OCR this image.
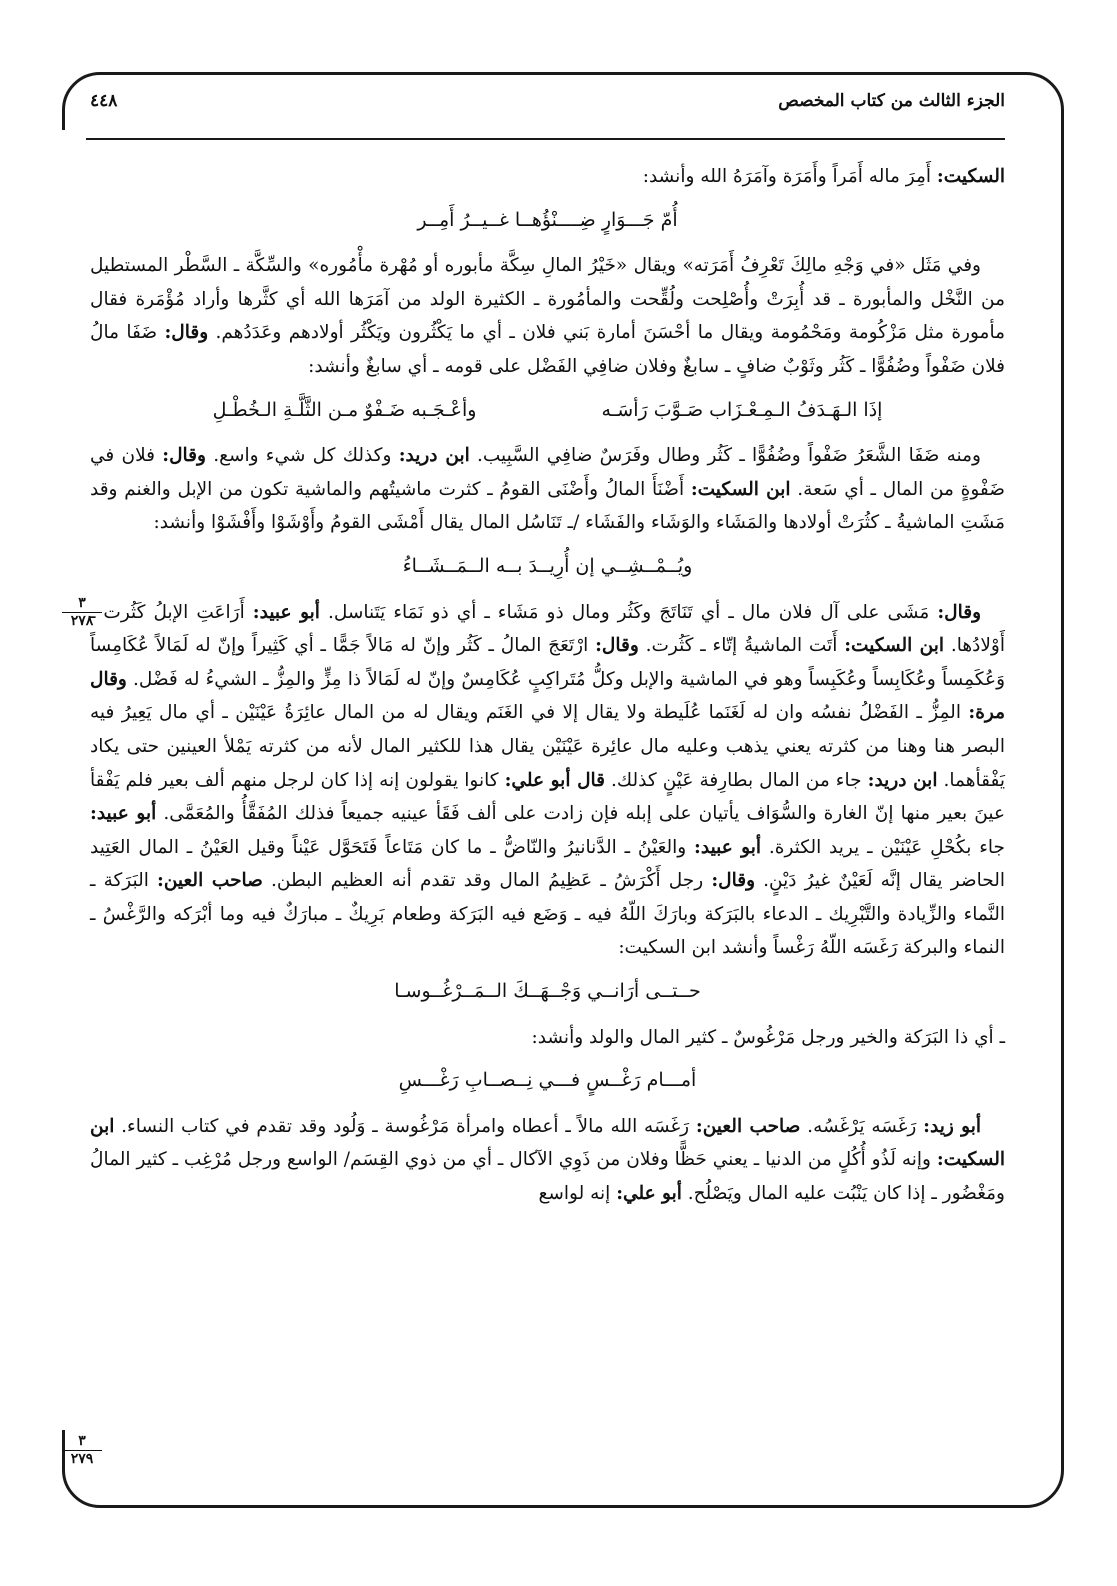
الجزء الثالث من كتاب المخصص
٤٤٨
٣
٢٧٨
٣
٢٧٩

السكيت: أَمِرَ ماله أَمَراً وأَمَرَة وآمَرَهُ الله وأنشد:

أُمّ جَـــوَارٍ ضِــــنْؤُهــا غــيــرُ أَمِــر

وفي مَثَل «في وَجْهِ مالِكَ تَعْرِفُ أَمَرَته» ويقال «خَيْرُ المالِ سِكَّة مأبوره أو مُهْرة مأْمُوره» والسِّكَّة ـ السَّطْر المستطيل من النَّخْل والمأبورة ـ قد أُبِرَتْ وأُصْلِحت ولُقِّحت والمأمُورة ـ الكثيرة الولد من آمَرَها الله أي كثَّرها وأراد مُؤْمَرة فقال مأمورة مثل مَزْكُومة ومَحْمُومة ويقال ما أحْسَنَ أمارة بَني فلان ـ أي ما يَكْثُرون ويَكْثُر أولادهم وعَدَدُهم. وقال: ضَفَا مالُ فلان ضَفْواً وضُفُوًّا ـ كَثُر وثَوْبٌ ضافٍ ـ سابغٌ وفلان ضافِي الفَضْل على قومه ـ أي سابغٌ وأنشد:

إذَا الـهَـدَفُ الـمِـعْـزَاب صَـوَّبَ رَأسَـه
وأعْـجَـبه ضَـفْوٌ مـن الثَّلَّـةِ الـخُطْـلِ

ومنه ضَفَا الشَّعَرُ ضَفْواً وضُفُوًّا ـ كَثُر وطال وفَرَسٌ ضافِي السَّبِيب. ابن دريد: وكذلك كل شيء واسع. وقال: فلان في ضَفْوةٍ من المال ـ أي سَعة. ابن السكيت: أَضْنَأَ المالُ وأَضْنَى القومُ ـ كثرت ماشيتُهم والماشية تكون من الإبل والغنم وقد مَشَتِ الماشيةُ ـ كثُرَتْ أولادها والمَشَاء والوَشَاء والفَشَاء /ـ تَنَاسُل المال يقال أَمْشَى القومُ وأَوْشَوْا وأَفْشَوْا وأنشد:

ويُــمْــشِــي إن أُرِيــدَ بــه الــمَــشَــاءُ

وقال: مَشَى على آل فلان مال ـ أي تَنَاتَجَ وكَثُر ومال ذو مَشَاء ـ أي ذو نَمَاء يَتَناسل. أبو عبيد: أَرَاعَتِ الإبلُ كَثُرت ـ أَوْلادُها. ابن السكيت: أَتَت الماشيةُ إتّاء ـ كَثُرت. وقال: ارْتَعَجَ المالُ ـ كَثُر وإنّ له مَالاً جَمًّا ـ أي كَثِيراً وإنّ له لَمَالاً عُكَامِساً وَعُكَمِساً وعُكَابِساً وعُكَبِساً وهو في الماشية والإبل وكلُّ مُتَراكِبٍ عُكَامِسٌ وإنّ له لَمَالاً ذا مِزٍّ والمِزُّ ـ الشيءُ له فَضْل. وقال مرة: المِزُّ ـ الفَضْلُ نفسُه وان له لَغَنَما عُلَيطة ولا يقال إلا في الغَنَم ويقال له من المال عائِرَةُ عَيْنَيْن ـ أي مال يَعِيرُ فيه البصر هنا وهنا من كثرته يعني يذهب وعليه مال عائِرة عَيْنَيْن يقال هذا للكثير المال لأنه من كثرته يَمْلأ العينين حتى يكاد يَفْقأهما. ابن دريد: جاء من المال بطارِفة عَيْنٍ كذلك. قال أبو علي: كانوا يقولون إنه إذا كان لرجل منهم ألف بعير فلم يَفْقأ عينَ بعير منها إنّ الغارة والسُّوَاف يأتيان على إبله فإن زادت على ألف فَقَأ عينيه جميعاً فذلك المُفَقَّأُ والمُعَمَّى. أبو عبيد: جاء بكُحْلِ عَيْنَيْن ـ يريد الكثرة. أبو عبيد: والعَيْنُ ـ الدَّنانيرُ والنّاضُّ ـ ما كان مَتَاعاً فَتَحَوَّل عَيْناً وقيل العَيْنُ ـ المال العَتِيد الحاضر يقال إنَّه لَعَيْنٌ غيرُ دَيْنٍ. وقال: رجل أَكْرَشُ ـ عَظِيمُ المال وقد تقدم أنه العظيم البطن. صاحب العين: البَرَكة ـ النَّماء والزِّيادة والتَّبْرِيك ـ الدعاء بالبَرَكة وبارَكَ اللّهُ فيه ـ وَضَع فيه البَرَكة وطعام بَرِيكٌ ـ مبارَكٌ فيه وما أبْرَكه والرَّغْسُ ـ النماء والبركة رَغَسَه اللّهُ رَغْساً وأنشد ابن السكيت:

حــتــى أرَانــي وَجْــهَــكَ الــمَــرْغُــوسـا

ـ أي ذا البَرَكة والخير ورجل مَرْغُوسٌ ـ كثير المال والولد وأنشد:

أمـــام رَغْــسٍ فـــي نِــصــابِ رَغْـــسِ

أبو زيد: رَغَسَه يَرْغَسُه. صاحب العين: رَغَسَه الله مالاً ـ أعطاه وامرأة مَرْغُوسة ـ وَلُود وقد تقدم في كتاب النساء. ابن السكيت: وإنه لَذُو أُكُلٍ من الدنيا ـ يعني حَظًّا وفلان من ذَوِي الآكال ـ أي من ذوي القِسَم/ الواسع ورجل مُرْغِب ـ كثير المالُ ومَغْضُور ـ إذا كان يَنْبُت عليه المال ويَصْلُح. أبو علي: إنه لواسع
